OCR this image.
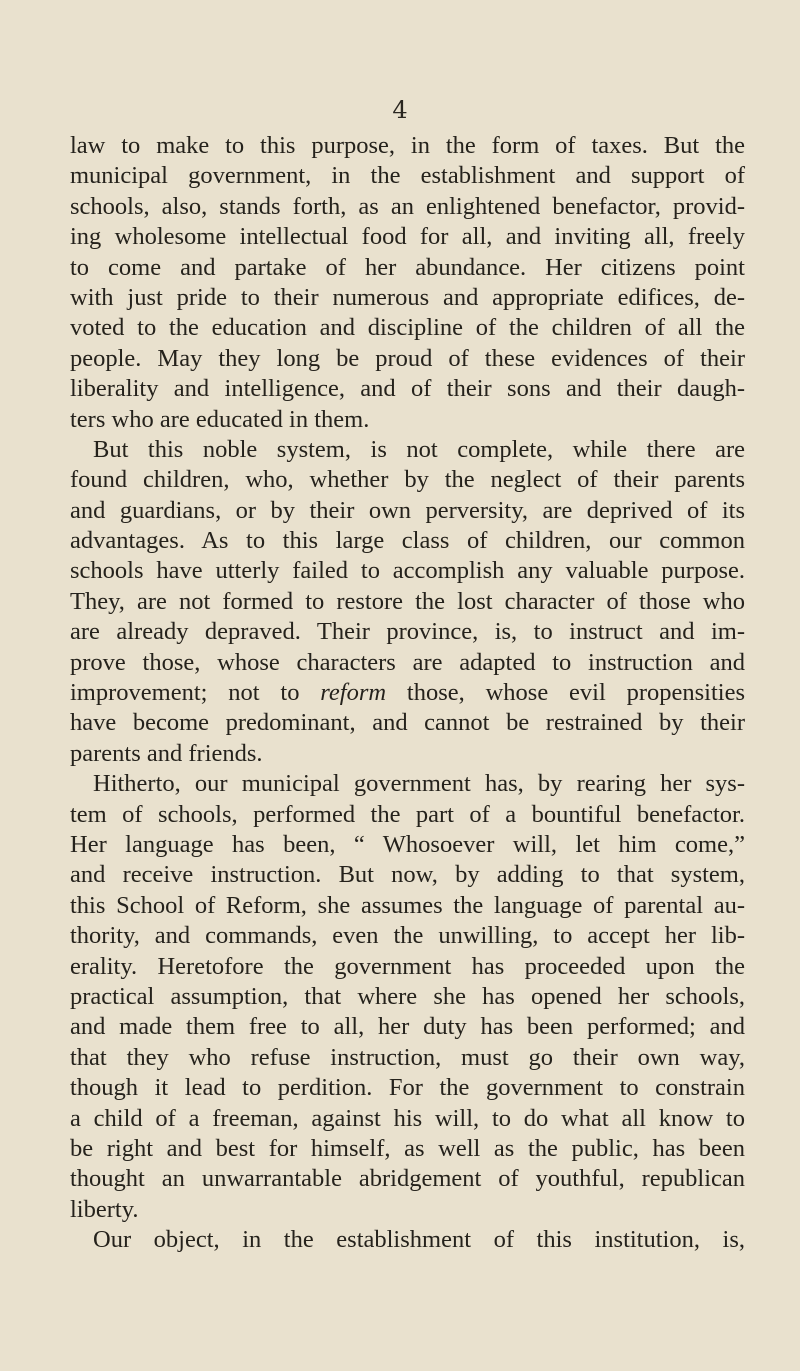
4
law to make to this purpose, in the form of taxes. But the
municipal government, in the establishment and support of
schools, also, stands forth, as an enlightened benefactor, provid-
ing wholesome intellectual food for all, and inviting all, freely
to come and partake of her abundance. Her citizens point
with just pride to their numerous and appropriate edifices, de-
voted to the education and discipline of the children of all the
people. May they long be proud of these evidences of their
liberality and intelligence, and of their sons and their daugh-
ters who are educated in them.
But this noble system, is not complete, while there are
found children, who, whether by the neglect of their parents
and guardians, or by their own perversity, are deprived of its
advantages. As to this large class of children, our common
schools have utterly failed to accomplish any valuable purpose.
They, are not formed to restore the lost character of those who
are already depraved. Their province, is, to instruct and im-
prove those, whose characters are adapted to instruction and
improvement; not to reform those, whose evil propensities
have become predominant, and cannot be restrained by their
parents and friends.
Hitherto, our municipal government has, by rearing her sys-
tem of schools, performed the part of a bountiful benefactor.
Her language has been, “ Whosoever will, let him come,”
and receive instruction. But now, by adding to that system,
this School of Reform, she assumes the language of parental au-
thority, and commands, even the unwilling, to accept her lib-
erality. Heretofore the government has proceeded upon the
practical assumption, that where she has opened her schools,
and made them free to all, her duty has been performed; and
that they who refuse instruction, must go their own way,
though it lead to perdition. For the government to constrain
a child of a freeman, against his will, to do what all know to
be right and best for himself, as well as the public, has been
thought an unwarrantable abridgement of youthful, republican
liberty.
Our object, in the establishment of this institution, is,
